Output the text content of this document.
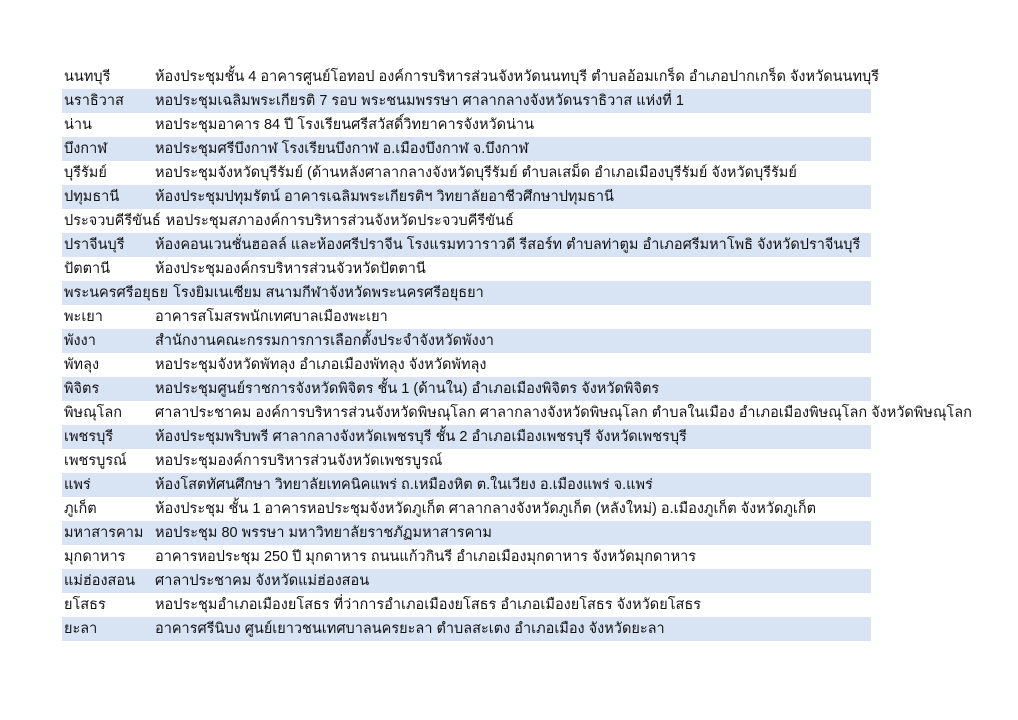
นนทบุรี	ห้องประชุมชั้น 4 อาคารศูนย์โอทอป องค์การบริหารส่วนจังหวัดนนทบุรี ตำบลอ้อมเกร็ด อำเภอปากเกร็ด จังหวัดนนทบุรี
นราธิวาส	หอประชุมเฉลิมพระเกียรติ 7 รอบ พระชนมพรรษา ศาลากลางจังหวัดนราธิวาส แห่งที่ 1
น่าน	หอประชุมอาคาร 84 ปี โรงเรียนศรีสวัสดิ์วิทยาคารจังหวัดน่าน
บึงกาฬ	หอประชุมศรีบึงกาฬ โรงเรียนบึงกาฬ อ.เมืองบึงกาฬ จ.บึงกาฬ
บุรีรัมย์	หอประชุมจังหวัดบุรีรัมย์ (ด้านหลังศาลากลางจังหวัดบุรีรัมย์ ตำบลเสม็ด อำเภอเมืองบุรีรัมย์ จังหวัดบุรีรัมย์
ปทุมธานี	ห้องประชุมปทุมรัตน์ อาคารเฉลิมพระเกียรติฯ วิทยาลัยอาชีวศึกษาปทุมธานี
ประจวบคีรีขันธ์ หอประชุมสภาองค์การบริหารส่วนจังหวัดประจวบคีรีขันธ์
ปราจีนบุรี	ห้องคอนเวนชั่นฮอลล์ และห้องศรีปราจีน โรงแรมทวาราวดี รีสอร์ท ตำบลท่าตูม อำเภอศรีมหาโพธิ จังหวัดปราจีนบุรี
ปัตตานี	ห้องประชุมองค์กรบริหารส่วนจัวหวัดปัตตานี
พระนครศรีอยุธย โรงยิมเนเซียม สนามกีฬาจังหวัดพระนครศรีอยุธยา
พะเยา	อาคารสโมสรพนักเทศบาลเมืองพะเยา
พังงา	สำนักงานคณะกรรมการการเลือกตั้งประจำจังหวัดพังงา
พัทลุง	หอประชุมจังหวัดพัทลุง อำเภอเมืองพัทลุง จังหวัดพัทลุง
พิจิตร	หอประชุมศูนย์ราชการจังหวัดพิจิตร ชั้น 1 (ด้านใน) อำเภอเมืองพิจิตร จังหวัดพิจิตร
พิษณุโลก	ศาลาประชาคม องค์การบริหารส่วนจังหวัดพิษณุโลก ศาลากลางจังหวัดพิษณุโลก ตำบลในเมือง อำเภอเมืองพิษณุโลก จังหวัดพิษณุโลก
เพชรบุรี	ห้องประชุมพริบพรี ศาลากลางจังหวัดเพชรบุรี ชั้น 2 อำเภอเมืองเพชรบุรี จังหวัดเพชรบุรี
เพชรบูรณ์	หอประชุมองค์การบริหารส่วนจังหวัดเพชรบูรณ์
แพร่	ห้องโสตทัศนศึกษา วิทยาลัยเทคนิคแพร่ ถ.เหมืองหิต ต.ในเวียง อ.เมืองแพร่ จ.แพร่
ภูเก็ต	ห้องประชุม ชั้น 1 อาคารหอประชุมจังหวัดภูเก็ต ศาลากลางจังหวัดภูเก็ต (หลังใหม่) อ.เมืองภูเก็ต จังหวัดภูเก็ต
มหาสารคาม หอประชุม 80 พรรษา มหาวิทยาลัยราชภัฏมหาสารคาม
มุกดาหาร	อาคารหอประชุม 250 ปี มุกดาหาร ถนนแก้วกินรี อำเภอเมืองมุกดาหาร จังหวัดมุกดาหาร
แม่ฮ่องสอน	ศาลาประชาคม จังหวัดแม่ฮ่องสอน
ยโสธร	หอประชุมอำเภอเมืองยโสธร ที่ว่าการอำเภอเมืองยโสธร อำเภอเมืองยโสธร จังหวัดยโสธร
ยะลา	อาคารศรีนิบง ศูนย์เยาวชนเทศบาลนครยะลา ตำบลสะเตง อำเภอเมือง จังหวัดยะลา
